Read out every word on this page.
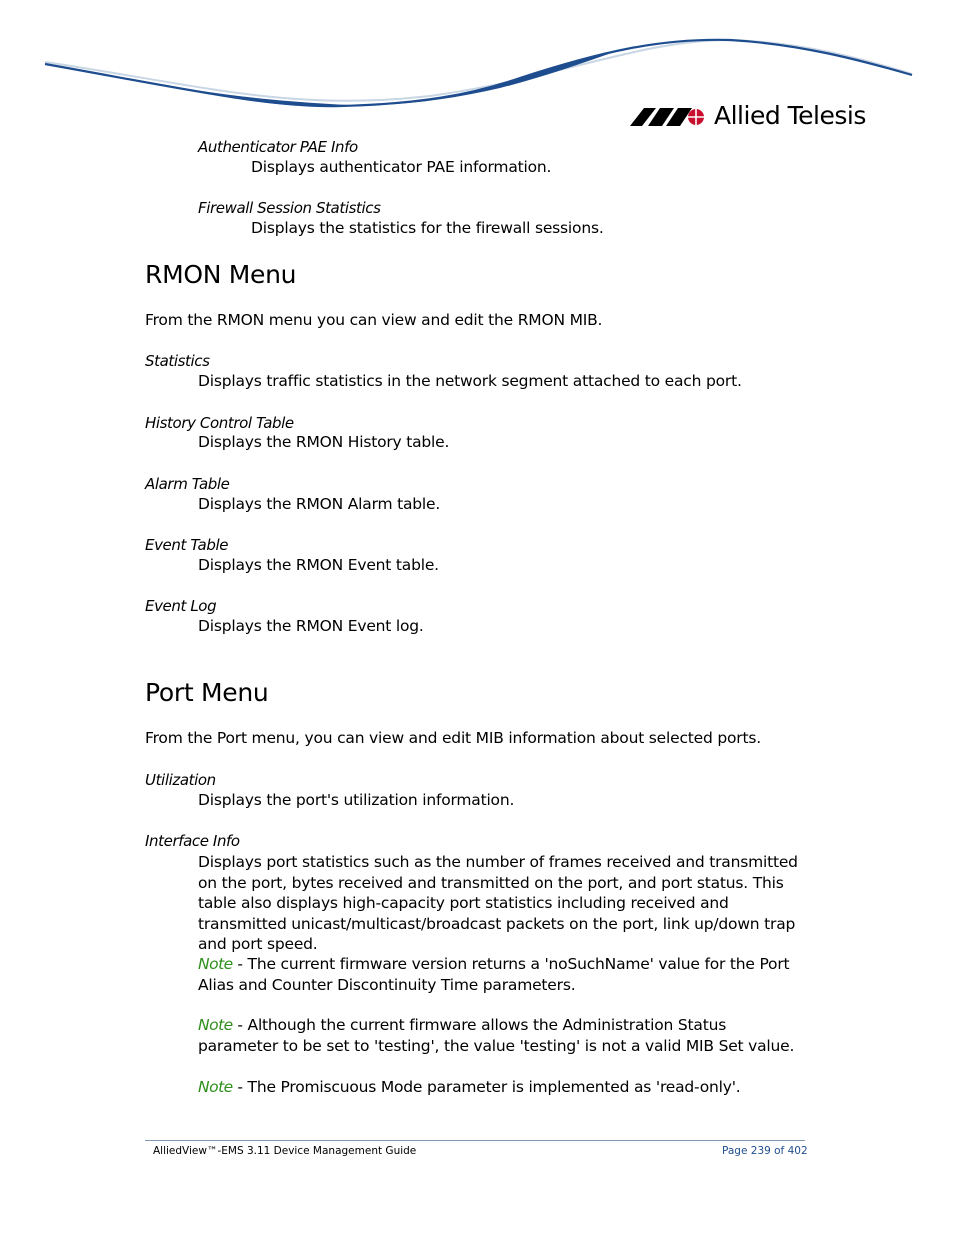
Allied Telesis
Authenticator PAE Info
Displays authenticator PAE information.
Firewall Session Statistics
Displays the statistics for the firewall sessions.
RMON Menu
From the RMON menu you can view and edit the RMON MIB.
Statistics
Displays traffic statistics in the network segment attached to each port.
History Control Table
Displays the RMON History table.
Alarm Table
Displays the RMON Alarm table.
Event Table
Displays the RMON Event table.
Event Log
Displays the RMON Event log.
Port Menu
From the Port menu, you can view and edit MIB information about selected ports.
Utilization
Displays the port's utilization information.
Interface Info
Displays port statistics such as the number of frames received and transmitted on the port, bytes received and transmitted on the port, and port status. This table also displays high-capacity port statistics including received and transmitted unicast/multicast/broadcast packets on the port, link up/down trap and port speed.
Note - The current firmware version returns a 'noSuchName' value for the Port Alias and Counter Discontinuity Time parameters.
Note - Although the current firmware allows the Administration Status parameter to be set to 'testing', the value 'testing' is not a valid MIB Set value.
Note - The Promiscuous Mode parameter is implemented as 'read-only'.
AlliedView™-EMS 3.11 Device Management Guide	Page 239 of 402
